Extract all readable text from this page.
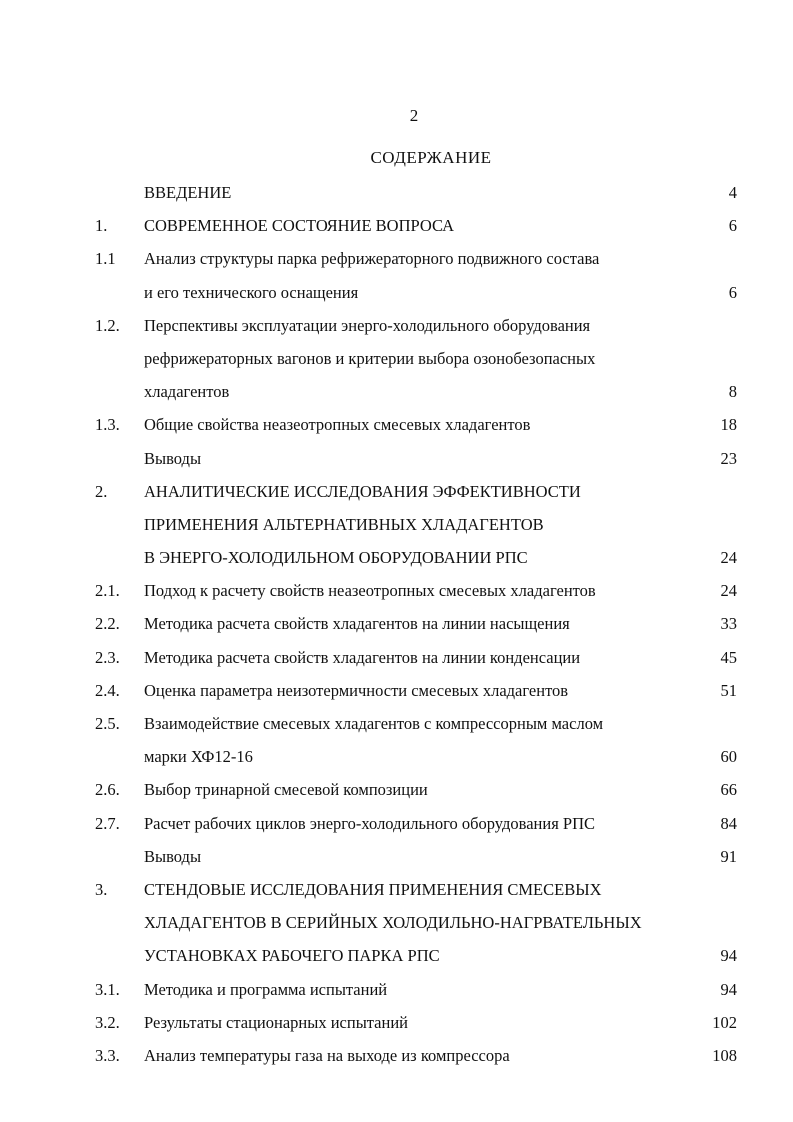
2
СОДЕРЖАНИЕ
ВВЕДЕНИЕ	4
1. СОВРЕМЕННОЕ СОСТОЯНИЕ ВОПРОСА	6
1.1 Анализ структуры парка рефрижераторного подвижного состава
и его технического оснащения	6
1.2. Перспективы эксплуатации энерго-холодильного оборудования
рефрижераторных вагонов и критерии выбора озонобезопасных
хладагентов	8
1.3. Общие свойства неазеотропных смесевых хладагентов	18
Выводы	23
2. АНАЛИТИЧЕСКИЕ ИССЛЕДОВАНИЯ ЭФФЕКТИВНОСТИ
ПРИМЕНЕНИЯ АЛЬТЕРНАТИВНЫХ ХЛАДАГЕНТОВ
В ЭНЕРГО-ХОЛОДИЛЬНОМ ОБОРУДОВАНИИ РПС	24
2.1. Подход к расчету свойств неазеотропных смесевых хладагентов	24
2.2. Методика расчета свойств хладагентов на линии насыщения	33
2.3. Методика расчета свойств хладагентов на линии конденсации	45
2.4. Оценка параметра неизотермичности смесевых хладагентов	51
2.5. Взаимодействие смесевых хладагентов с компрессорным маслом
марки ХФ12-16	60
2.6. Выбор тринарной смесевой композиции	66
2.7. Расчет рабочих циклов энерго-холодильного оборудования РПС	84
Выводы	91
3. СТЕНДОВЫЕ ИССЛЕДОВАНИЯ ПРИМЕНЕНИЯ СМЕСЕВЫХ
ХЛАДАГЕНТОВ В СЕРИЙНЫХ ХОЛОДИЛЬНО-НАГРВАТЕЛЬНЫХ
УСТАНОВКАХ РАБОЧЕГО ПАРКА РПС	94
3.1. Методика и программа испытаний	94
3.2. Результаты стационарных испытаний	102
3.3. Анализ температуры газа на выходе из компрессора	108
